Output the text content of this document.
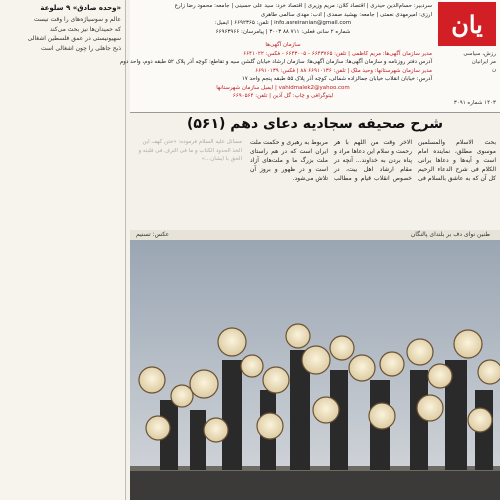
«وحده صادق» ۹ سلوعة
عالم و سوسیاژه‌های را وقت نیست
که حمیدان‌ها نیز بحث می‌کند
سهیونیستی در عمق فلسطین اشغالی
ذبح جاهلی را چون اشغالی است
یان
رزش، سیاسی
مر ایرانیان
ن
۱۴۰۳ شماره ۳۰۹۱
سردبیر: حسام‌الدین حیدری | اقتصاد کلان: مریم وزیری | اقتصاد خرد: سید علی حسینی | جامعه: محمود رضا زارع
ارزی: امیرمهدی نعمتی | جامعه: بهشید صمدی | ادب: مهدی سالمی طاهری
info.asreiranian@gmail.com | تلفن: ۶۶۹۲۳۶۵ | ایمیل:
شماره ۲ سانی فعلی: ۷۱۱ ۸۸ ۳۰۰۳ | پیامرسان: ۶۶۹۶۳۹۶۶
سازمان آگهی‌ها
مدیر سازمان آگهی‌ها: مریم کاظمی | تلفن: ۶۶۴۳۷۶۵ - ۶۶۴۳۰۰۵ - فکس: ۶۶۴۱۰۲۲
آدرس دفتر روزنامه و سازمان آگهی‌ها: سازمان آگهی‌ها: سازمان ارشاد خیابان گلشن سیه و تقاطع: کوچه آذر پلاک ۵۲ طبقه دوم، واحد دوم
مدیر سازمان شهرستانها: وحید ملک | تلفن: ۶۶۹۱۰۱۳۶ ۸۸ | فکس: ۶۶۹۱۰۱۳۹
آدرس: خیابان انقلاب خیابان جمالزاده شمالی، کوچه آذر پلاک ۵۵ طبقه پنجم واحد ۱۷
vahidmalek2@yahoo.com | ایمیل سازمان شهرستانها
لیتوگرافی و چاپ: گل آذین | تلفن: ۶۶۹۰۵۶۴
شرح صحیفه سجادیه دعای دهم (۵۶۱)
مسائل علیه السلام فرموده: «ختن کهف این الخذ الحدود الکتاب و ما فی الترف فی فلبته و الحق با ایشان...»
بحث الاسلام والمسلمین موسوی مطلق، نماینده امام است و آیه‌ها و دعاها یرانی الکلام فی شرح الدعاء الرحیم کل آن که به عاشق بالسلام فی الاخر وقت من اللهم با هر رحمت و سلام این دعاها مراد و پناه بردن به خداوند... آنچه در مقام ارشاد اهل بیت، در خصوص انقلاب قیام و مطالب مربوط به رهبری و حکمت ملت ایران است که در هم راستای ملت بزرگ ما و ملت‌های آزاد است و در ظهور و بروز آن تلاش می‌شود.
طنین نوای دف بر بلندای پالنگان
عکس: تسنیم
